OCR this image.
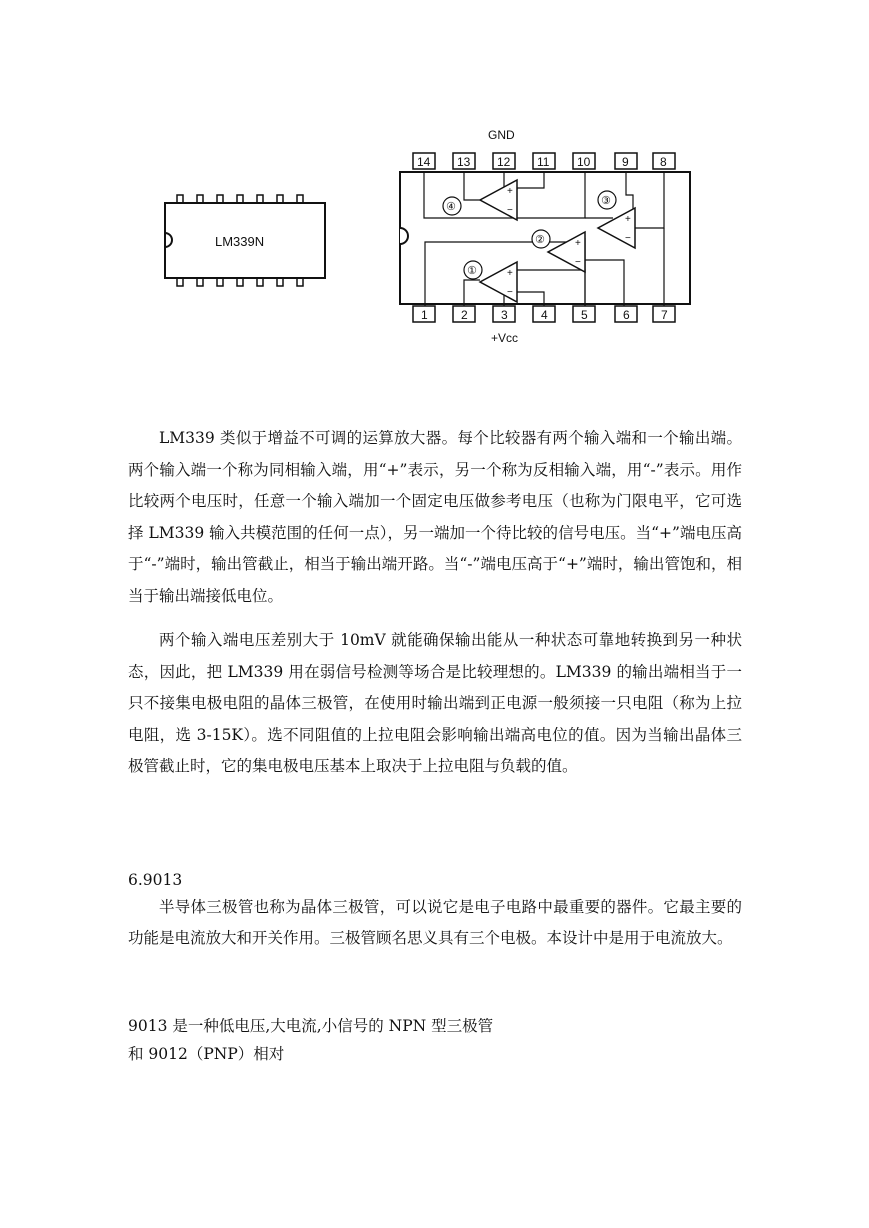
LM339N
GND
14 13 12 11 10	9	8
1	2	3	4	5	6	7
+Vcc
+
−
④
+
−
③
+
−
②
+
−
①

LM339 类似于增益不可调的运算放大器。每个比较器有两个输入端和一个输出端。两个输入端一个称为同相输入端，用“+”表示，另一个称为反相输入端，用“-”表示。用作比较两个电压时，任意一个输入端加一个固定电压做参考电压（也称为门限电平，它可选择 LM339 输入共模范围的任何一点），另一端加一个待比较的信号电压。当“+”端电压高于“-”端时，输出管截止，相当于输出端开路。当“-”端电压高于“+”端时，输出管饱和，相当于输出端接低电位。

两个输入端电压差别大于 10mV 就能确保输出能从一种状态可靠地转换到另一种状态，因此，把 LM339 用在弱信号检测等场合是比较理想的。LM339 的输出端相当于一只不接集电极电阻的晶体三极管，在使用时输出端到正电源一般须接一只电阻（称为上拉电阻，选 3-15K）。选不同阻值的上拉电阻会影响输出端高电位的值。因为当输出晶体三极管截止时，它的集电极电压基本上取决于上拉电阻与负载的值。

6.9013

半导体三极管也称为晶体三极管，可以说它是电子电路中最重要的器件。它最主要的功能是电流放大和开关作用。三极管顾名思义具有三个电极。本设计中是用于电流放大。

9013 是一种低电压,大电流,小信号的 NPN 型三极管

和 9012（PNP）相对
